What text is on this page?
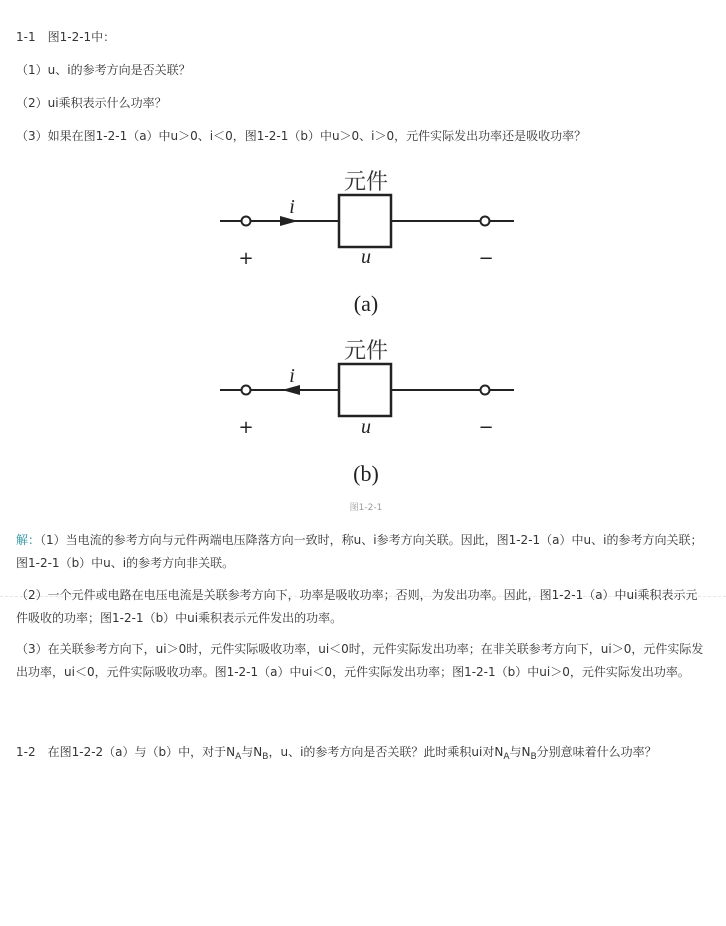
1-1　图1-2-1中：
（1）u、i的参考方向是否关联？
（2）ui乘积表示什么功率？
（3）如果在图1-2-1（a）中u＞0、i＜0，图1-2-1（b）中u＞0、i＞0，元件实际发出功率还是吸收功率？
元件
i
u
+	−
(a)
元件
i
u
+	−
(b)
图1-2-1
解：（1）当电流的参考方向与元件两端电压降落方向一致时，称u、i参考方向关联。因此，图1-2-1（a）中u、i的参考方向关联；图1-2-1（b）中u、i的参考方向非关联。
（2）一个元件或电路在电压电流是关联参考方向下，功率是吸收功率；否则，为发出功率。因此，图1-2-1（a）中ui乘积表示元件吸收的功率；图1-2-1（b）中ui乘积表示元件发出的功率。
（3）在关联参考方向下，ui＞0时，元件实际吸收功率，ui＜0时，元件实际发出功率；在非关联参考方向下，ui＞0，元件实际发出功率，ui＜0，元件实际吸收功率。图1-2-1（a）中ui＜0，元件实际发出功率；图1-2-1（b）中ui＞0，元件实际发出功率。
1-2　在图1-2-2（a）与（b）中，对于$N_A$与$N_B$，u、i的参考方向是否关联？此时乘积ui对$N_A$与$N_B$分别意味着什么功率？
